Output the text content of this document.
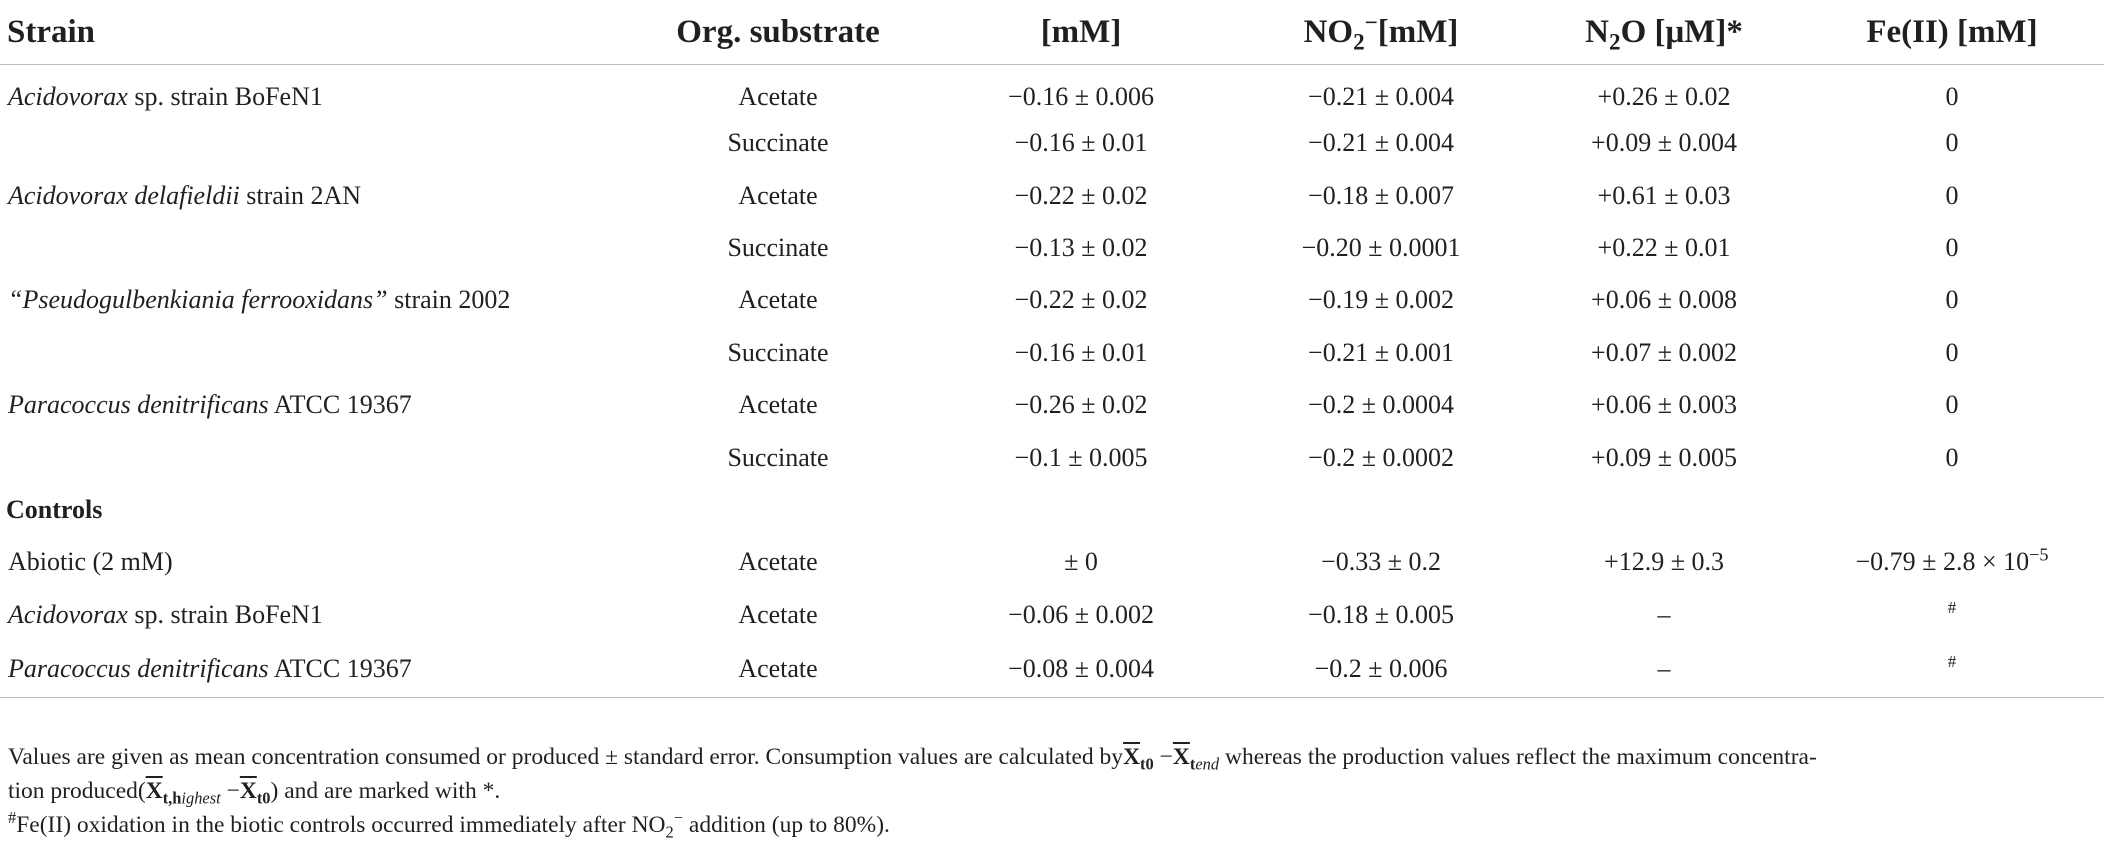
Strain	Org. substrate	[mM]	$NO_2^-[mM]$	$N_2O$ [μM]*	Fe(II) [mM]
Acidovorax sp. strain BoFeN1	Acetate	−0.16 ± 0.006	−0.21 ± 0.004	+0.26 ± 0.02	0
	Succinate	−0.16 ± 0.01	−0.21 ± 0.004	+0.09 ± 0.004	0
Acidovorax delafieldii strain 2AN	Acetate	−0.22 ± 0.02	−0.18 ± 0.007	+0.61 ± 0.03	0
	Succinate	−0.13 ± 0.02	−0.20 ± 0.0001	+0.22 ± 0.01	0
“Pseudogulbenkiania ferrooxidans” strain 2002	Acetate	−0.22 ± 0.02	−0.19 ± 0.002	+0.06 ± 0.008	0
	Succinate	−0.16 ± 0.01	−0.21 ± 0.001	+0.07 ± 0.002	0
Paracoccus denitrificans ATCC 19367	Acetate	−0.26 ± 0.02	−0.2 ± 0.0004	+0.06 ± 0.003	0
	Succinate	−0.1 ± 0.005	−0.2 ± 0.0002	+0.09 ± 0.005	0
Controls					
Abiotic (2 mM)	Acetate	± 0	−0.33 ± 0.2	+12.9 ± 0.3	$-0.79 \pm 2.8 \times 10^{-5}$
Acidovorax sp. strain BoFeN1	Acetate	−0.06 ± 0.002	−0.18 ± 0.005	–	#
Paracoccus denitrificans ATCC 19367	Acetate	−0.08 ± 0.004	−0.2 ± 0.006	–	#

Values are given as mean concentration consumed or produced ± standard error. Consumption values are calculated $by\overline{X}_{t0} -\overline{X}_{tend}$ whereas the production values reflect the maximum concentra-
tion $produced(\overline{X}_{t,highest} -\overline{X}_{t0})$ and are marked with *.

#Fe(II) oxidation in the biotic controls occurred immediately after $NO_2^-$ addition (up to 80%).
